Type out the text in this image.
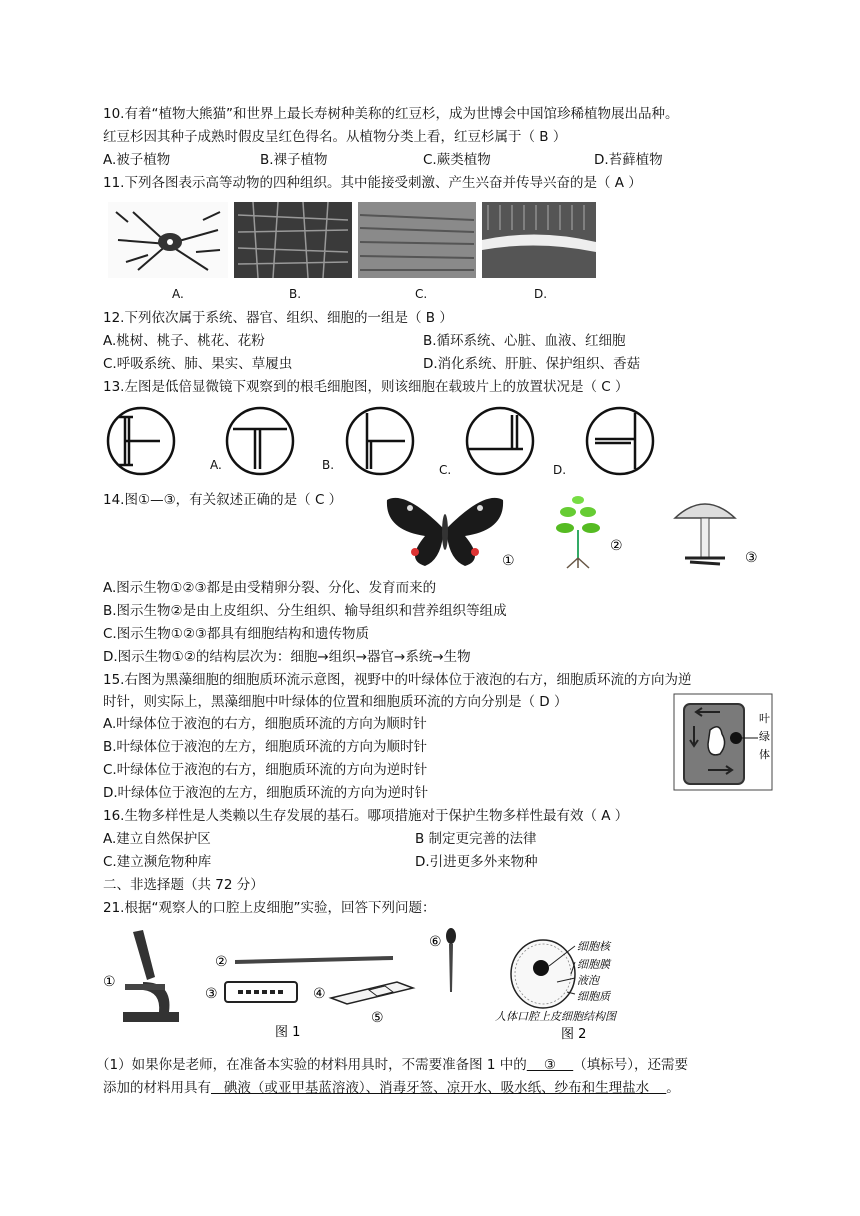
10.有着“植物大熊猫”和世界上最长寿树种美称的红豆杉，成为世博会中国馆珍稀植物展出品种。
红豆杉因其种子成熟时假皮呈红色得名。从植物分类上看，红豆杉属于（ B ）
A.被子植物	B.裸子植物	C.蕨类植物	D.苔藓植物
11.下列各图表示高等动物的四种组织。其中能接受刺激、产生兴奋并传导兴奋的是（ A ）
A.	B.	C.	D.
12.下列依次属于系统、器官、组织、细胞的一组是（ B ）
A.桃树、桃子、桃花、花粉	B.循环系统、心脏、血液、红细胞
C.呼吸系统、肺、果实、草履虫	D.消化系统、肝脏、保护组织、香菇
13.左图是低倍显微镜下观察到的根毛细胞图，则该细胞在载玻片上的放置状况是（ C ）
A.	B.	C.	D.
14.图①—③，有关叙述正确的是（ C ）
①
②
③
A.图示生物①②③都是由受精卵分裂、分化、发育而来的
B.图示生物②是由上皮组织、分生组织、输导组织和营养组织等组成
C.图示生物①②③都具有细胞结构和遗传物质
D.图示生物①②的结构层次为：细胞→组织→器官→系统→生物
15.右图为黑藻细胞的细胞质环流示意图，视野中的叶绿体位于液泡的右方，细胞质环流的方向为逆
时针，则实际上，黑藻细胞中叶绿体的位置和细胞质环流的方向分别是（ D ）
A.叶绿体位于液泡的右方，细胞质环流的方向为顺时针
B.叶绿体位于液泡的左方，细胞质环流的方向为顺时针
C.叶绿体位于液泡的右方，细胞质环流的方向为逆时针
D.叶绿体位于液泡的左方，细胞质环流的方向为逆时针
叶
绿
体
16.生物多样性是人类赖以生存发展的基石。哪项措施对于保护生物多样性最有效（ A ）
A.建立自然保护区	B 制定更完善的法律
C.建立濒危物种库	D.引进更多外来物种
二、非选择题（共 72 分）
21.根据“观察人的口腔上皮细胞”实验，回答下列问题：
①
②
③	④
⑤
⑥
图 1
细胞核
细胞膜
液泡
细胞质
人体口腔上皮细胞结构图
图 2
（1）如果你是老师，在准备本实验的材料用具时，不需要准备图 1 中的    ③    （填标号），还需要
添加的材料用具有   碘液（或亚甲基蓝溶液）、消毒牙签、凉开水、吸水纸、纱布和生理盐水    。
